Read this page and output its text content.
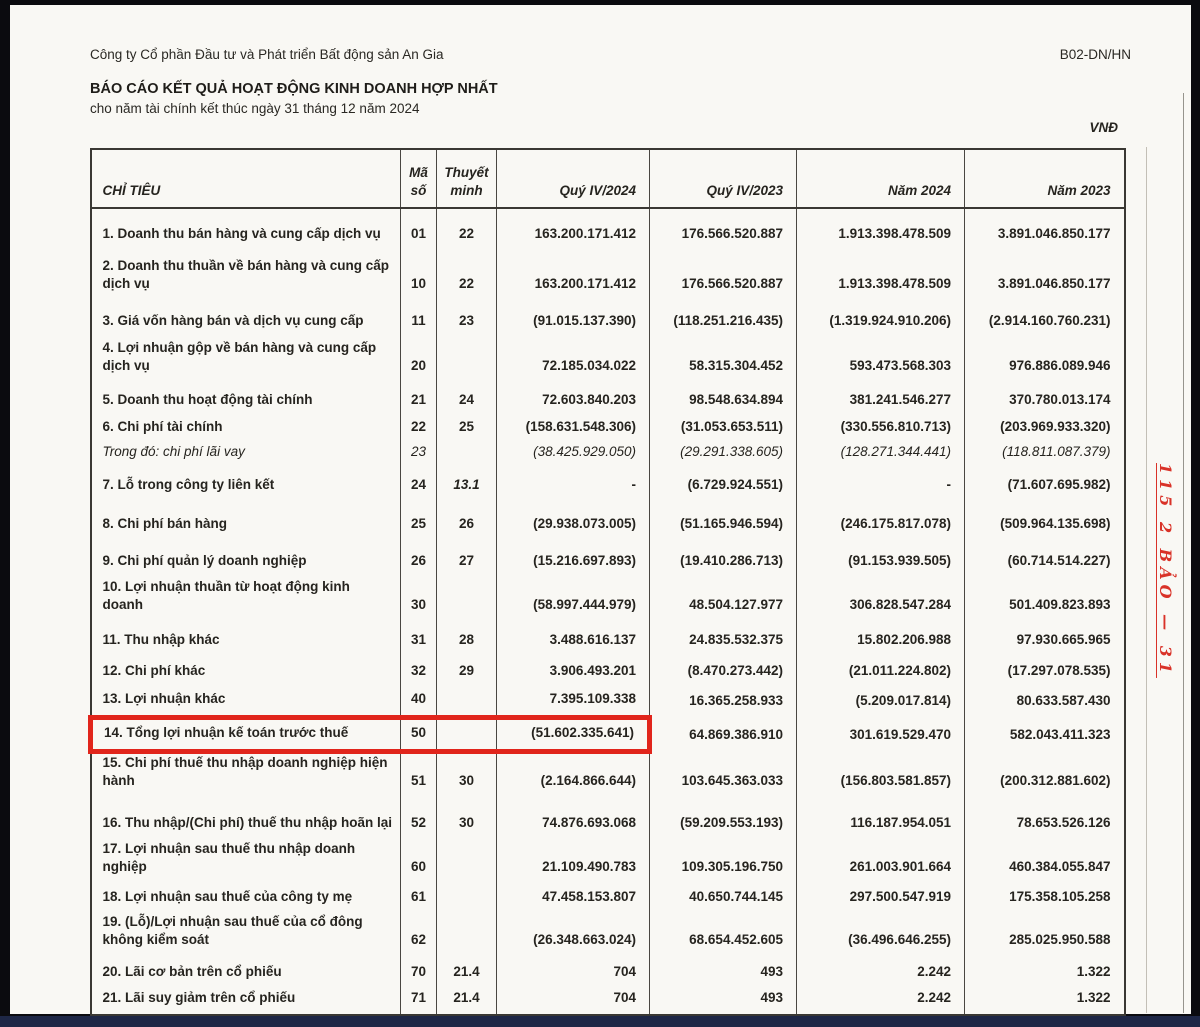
Công ty Cổ phần Đầu tư và Phát triển Bất động sản An Gia	B02-DN/HN
BÁO CÁO KẾT QUẢ HOẠT ĐỘNG KINH DOANH HỢP NHẤT
cho năm tài chính kết thúc ngày 31 tháng 12 năm 2024
VNĐ
CHỈ TIÊU	Mã số	Thuyết minh	Quý IV/2024	Quý IV/2023	Năm 2024	Năm 2023
1. Doanh thu bán hàng và cung cấp dịch vụ	01	22	163.200.171.412	176.566.520.887	1.913.398.478.509	3.891.046.850.177
2. Doanh thu thuần về bán hàng và cung cấp dịch vụ	10	22	163.200.171.412	176.566.520.887	1.913.398.478.509	3.891.046.850.177
3. Giá vốn hàng bán và dịch vụ cung cấp	11	23	(91.015.137.390)	(118.251.216.435)	(1.319.924.910.206)	(2.914.160.760.231)
4. Lợi nhuận gộp về bán hàng và cung cấp dịch vụ	20		72.185.034.022	58.315.304.452	593.473.568.303	976.886.089.946
5. Doanh thu hoạt động tài chính	21	24	72.603.840.203	98.548.634.894	381.241.546.277	370.780.013.174
6. Chi phí tài chính	22	25	(158.631.548.306)	(31.053.653.511)	(330.556.810.713)	(203.969.933.320)
Trong đó: chi phí lãi vay	23		(38.425.929.050)	(29.291.338.605)	(128.271.344.441)	(118.811.087.379)
7. Lỗ trong công ty liên kết	24	13.1	-	(6.729.924.551)	-	(71.607.695.982)
8. Chi phí bán hàng	25	26	(29.938.073.005)	(51.165.946.594)	(246.175.817.078)	(509.964.135.698)
9. Chi phí quản lý doanh nghiệp	26	27	(15.216.697.893)	(19.410.286.713)	(91.153.939.505)	(60.714.514.227)
10. Lợi nhuận thuần từ hoạt động kinh doanh	30		(58.997.444.979)	48.504.127.977	306.828.547.284	501.409.823.893
11. Thu nhập khác	31	28	3.488.616.137	24.835.532.375	15.802.206.988	97.930.665.965
12. Chi phí khác	32	29	3.906.493.201	(8.470.273.442)	(21.011.224.802)	(17.297.078.535)
13. Lợi nhuận khác	40		7.395.109.338	16.365.258.933	(5.209.017.814)	80.633.587.430
14. Tổng lợi nhuận kế toán trước thuế	50		(51.602.335.641)	64.869.386.910	301.619.529.470	582.043.411.323
15. Chi phí thuế thu nhập doanh nghiệp hiện hành	51	30	(2.164.866.644)	103.645.363.033	(156.803.581.857)	(200.312.881.602)
16. Thu nhập/(Chi phí) thuế thu nhập hoãn lại	52	30	74.876.693.068	(59.209.553.193)	116.187.954.051	78.653.526.126
17. Lợi nhuận sau thuế thu nhập doanh nghiệp	60		21.109.490.783	109.305.196.750	261.003.901.664	460.384.055.847
18. Lợi nhuận sau thuế của công ty mẹ	61		47.458.153.807	40.650.744.145	297.500.547.919	175.358.105.258
19. (Lỗ)/Lợi nhuận sau thuế của cổ đông không kiểm soát	62		(26.348.663.024)	68.654.452.605	(36.496.646.255)	285.025.950.588
20. Lãi cơ bản trên cổ phiếu	70	21.4	704	493	2.242	1.322
21. Lãi suy giảm trên cổ phiếu	71	21.4	704	493	2.242	1.322
115 2 BẢO — 31
